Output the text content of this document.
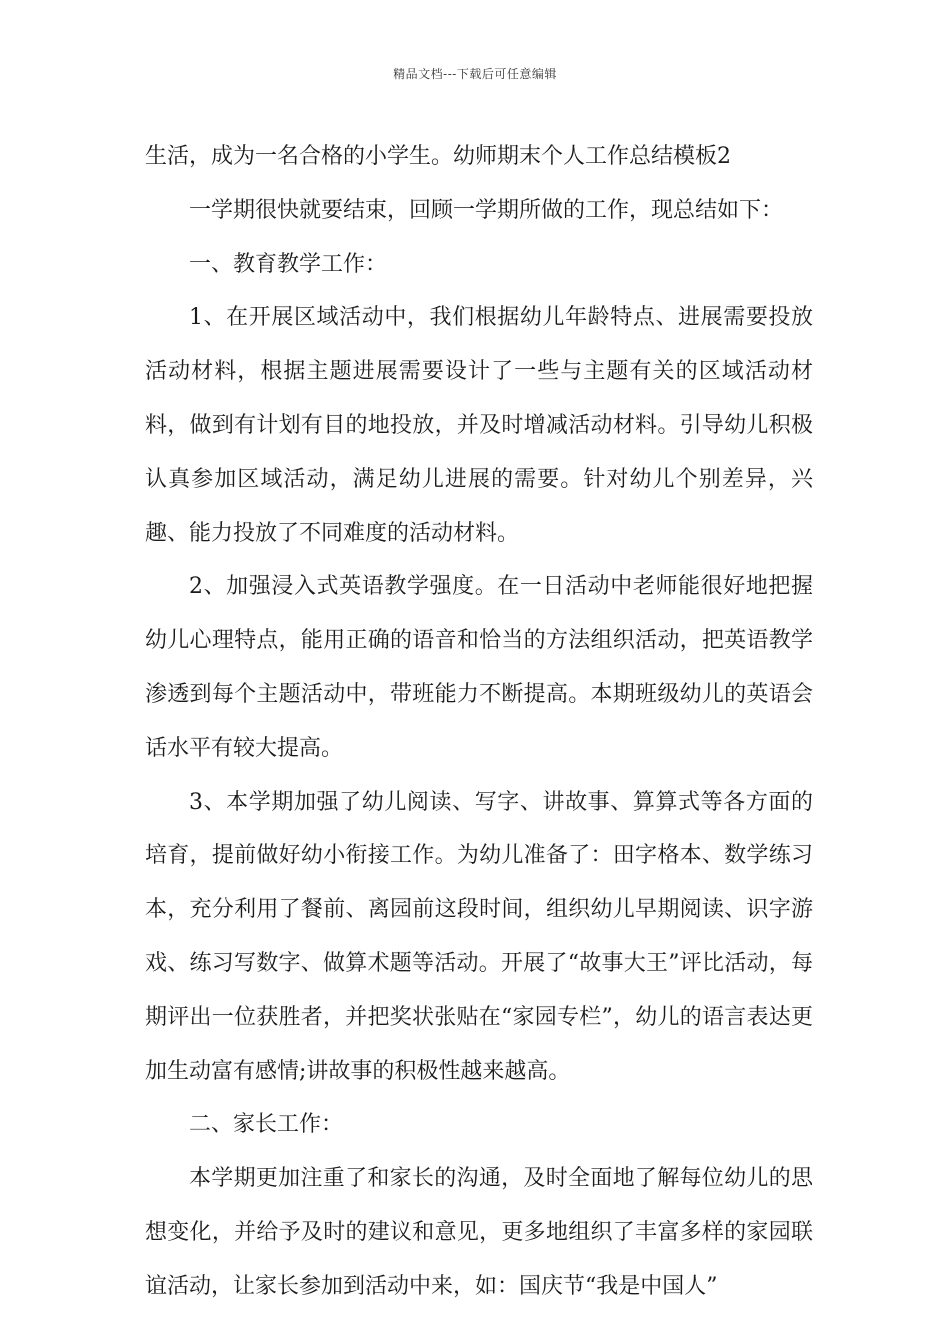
精品文档---下载后可任意编辑

生活，成为一名合格的小学生。幼师期末个人工作总结模板2

一学期很快就要结束，回顾一学期所做的工作，现总结如下：

一、教育教学工作：

1、在开展区域活动中，我们根据幼儿年龄特点、进展需要投放活动材料，根据主题进展需要设计了一些与主题有关的区域活动材料，做到有计划有目的地投放，并及时增减活动材料。引导幼儿积极认真参加区域活动，满足幼儿进展的需要。针对幼儿个别差异，兴趣、能力投放了不同难度的活动材料。

2、加强浸入式英语教学强度。在一日活动中老师能很好地把握幼儿心理特点，能用正确的语音和恰当的方法组织活动，把英语教学渗透到每个主题活动中，带班能力不断提高。本期班级幼儿的英语会话水平有较大提高。

3、本学期加强了幼儿阅读、写字、讲故事、算算式等各方面的培育，提前做好幼小衔接工作。为幼儿准备了：田字格本、数学练习本，充分利用了餐前、离园前这段时间，组织幼儿早期阅读、识字游戏、练习写数字、做算术题等活动。开展了“故事大王”评比活动，每期评出一位获胜者，并把奖状张贴在“家园专栏”，幼儿的语言表达更加生动富有感情;讲故事的积极性越来越高。

二、家长工作：

本学期更加注重了和家长的沟通，及时全面地了解每位幼儿的思想变化，并给予及时的建议和意见，更多地组织了丰富多样的家园联谊活动，让家长参加到活动中来，如：国庆节“我是中国人”
